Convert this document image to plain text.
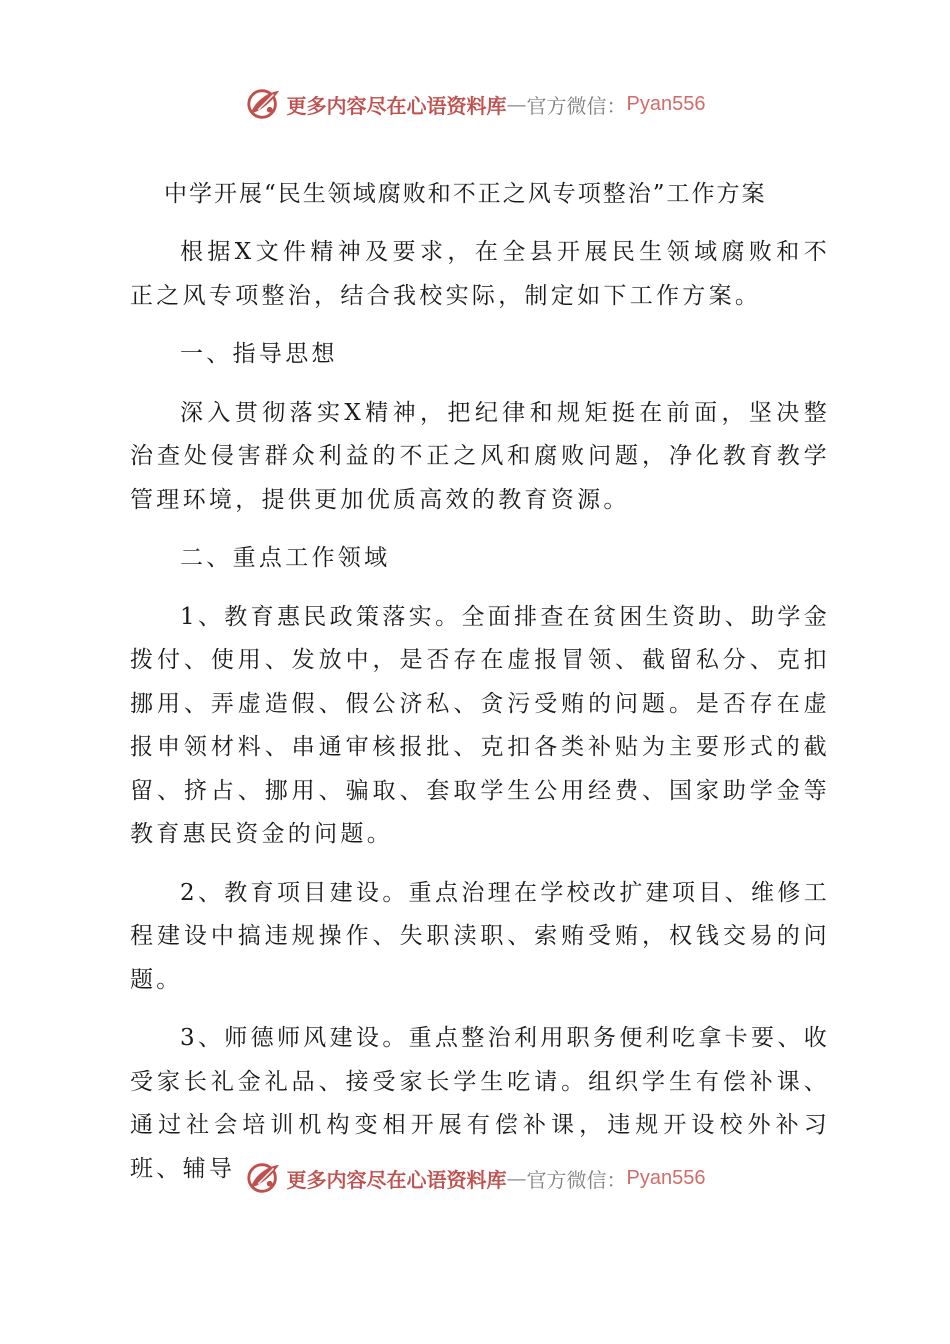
更多内容尽在心语资料库 — 官方微信： Pyan556
中学开展“民生领域腐败和不正之风专项整治”工作方案

根据X文件精神及要求，在全县开展民生领域腐败和不正之风专项整治，结合我校实际，制定如下工作方案。

一、指导思想

深入贯彻落实X精神，把纪律和规矩挺在前面，坚决整治查处侵害群众利益的不正之风和腐败问题，净化教育教学管理环境，提供更加优质高效的教育资源。

二、重点工作领域

1、教育惠民政策落实。全面排查在贫困生资助、助学金拨付、使用、发放中，是否存在虚报冒领、截留私分、克扣挪用、弄虚造假、假公济私、贪污受贿的问题。是否存在虚报申领材料、串通审核报批、克扣各类补贴为主要形式的截留、挤占、挪用、骗取、套取学生公用经费、国家助学金等教育惠民资金的问题。

2、教育项目建设。重点治理在学校改扩建项目、维修工程建设中搞违规操作、失职渎职、索贿受贿，权钱交易的问题。

3、师德师风建设。重点整治利用职务便利吃拿卡要、收受家长礼金礼品、接受家长学生吃请。组织学生有偿补课、通过社会培训机构变相开展有偿补课，违规开设校外补习班、辅导	更多内容尽在心语资料库 — 官方微信： Pyan556
